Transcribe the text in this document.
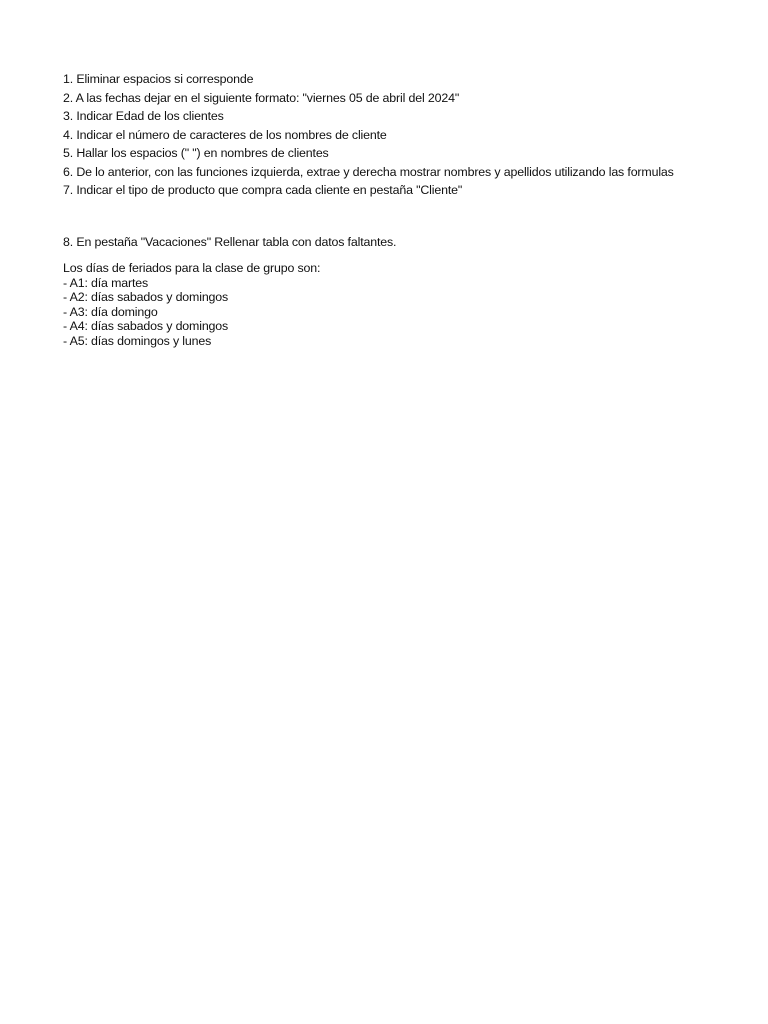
1. Eliminar espacios si corresponde
2. A las fechas dejar en el siguiente formato: "viernes 05 de abril del 2024"
3. Indicar Edad de los clientes
4. Indicar el número de caracteres de los nombres de cliente
5. Hallar los espacios (" ") en nombres de clientes
6. De lo anterior, con las funciones izquierda, extrae y derecha mostrar nombres y apellidos utilizando las formulas
7. Indicar el tipo de producto que compra cada cliente en pestaña "Cliente"
8. En pestaña "Vacaciones" Rellenar tabla con datos faltantes.
Los días de feriados para la clase de grupo son:
- A1: día martes
- A2: días sabados y domingos
- A3: día domingo
- A4: días sabados y domingos
- A5: días domingos y lunes
